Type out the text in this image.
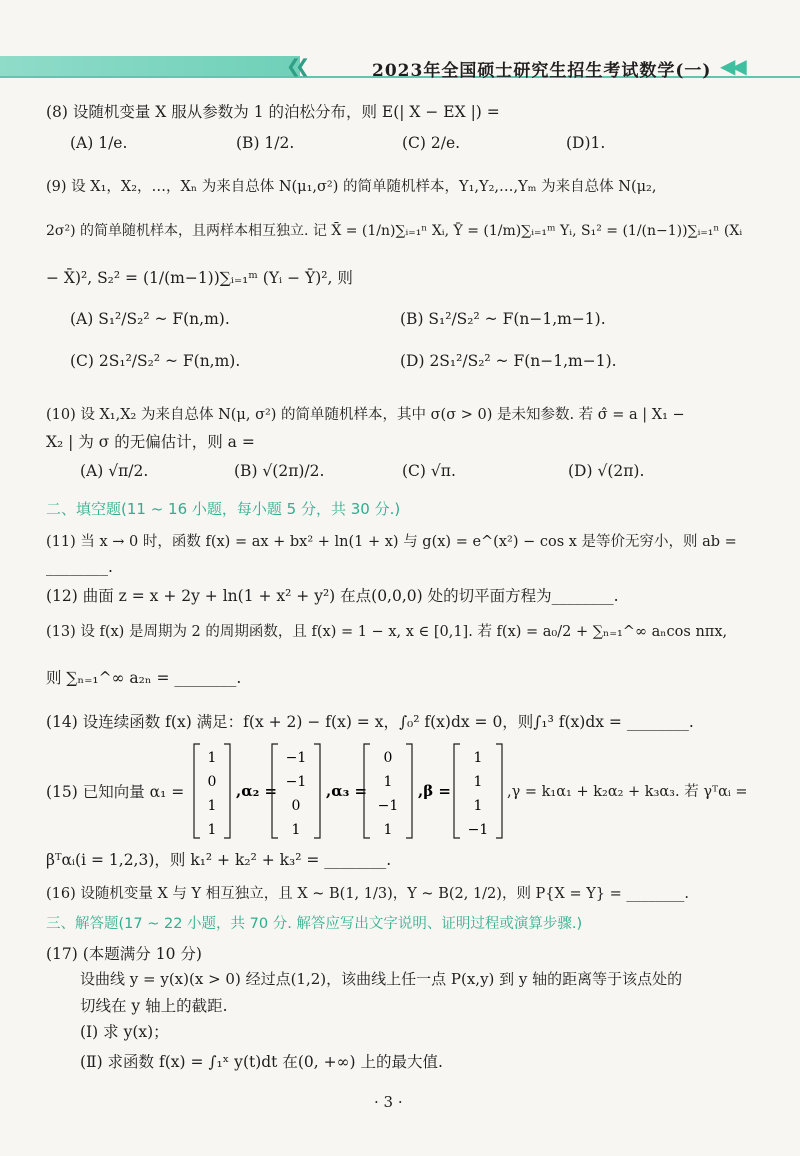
❮❮	2023年全国硕士研究生招生考试数学(一) ◀◀
(8) 设随机变量 X 服从参数为 1 的泊松分布，则 E(| X − EX |) =
(A) 1/e.	(B) 1/2.	(C) 2/e.	(D)1.
(9) 设 X₁，X₂，…，Xₙ 为来自总体 N(μ₁,σ²) 的简单随机样本，Y₁,Y₂,…,Yₘ 为来自总体 N(μ₂,
2σ²) 的简单随机样本，且两样本相互独立. 记 X̄ = (1/n)∑ᵢ₌₁ⁿ Xᵢ, Ȳ = (1/m)∑ᵢ₌₁ᵐ Yᵢ, S₁² = (1/(n−1))∑ᵢ₌₁ⁿ (Xᵢ
− X̄)², S₂² = (1/(m−1))∑ᵢ₌₁ᵐ (Yᵢ − Ȳ)², 则
(A) S₁²/S₂² ~ F(n,m).	(B) S₁²/S₂² ~ F(n−1,m−1).
(C) 2S₁²/S₂² ~ F(n,m).	(D) 2S₁²/S₂² ~ F(n−1,m−1).
(10) 设 X₁,X₂ 为来自总体 N(μ, σ²) 的简单随机样本，其中 σ(σ > 0) 是未知参数. 若 σ̂ = a | X₁ −
X₂ | 为 σ 的无偏估计，则 a =
(A) √π/2.	(B) √(2π)/2.	(C) √π.	(D) √(2π).
二、填空题(11 ~ 16 小题，每小题 5 分，共 30 分.)
(11) 当 x → 0 时，函数 f(x) = ax + bx² + ln(1 + x) 与 g(x) = e^(x²) − cos x 是等价无穷小，则 ab =
________.
(12) 曲面 z = x + 2y + ln(1 + x² + y²) 在点(0,0,0) 处的切平面方程为________.
(13) 设 f(x) 是周期为 2 的周期函数，且 f(x) = 1 − x, x ∈ [0,1]. 若 f(x) = a₀/2 + ∑ₙ₌₁^∞ aₙcos nπx,
则 ∑ₙ₌₁^∞ a₂ₙ = ________.
(14) 设连续函数 f(x) 满足：f(x + 2) − f(x) = x，∫₀² f(x)dx = 0，则∫₁³ f(x)dx = ________.
(15) 已知向量 α₁ =
1
0
1
1
,α₂ =
−1
−1
0
1
,α₃ =
0
1
−1
1
,β =
1
1
1
−1
,γ = k₁α₁ + k₂α₂ + k₃α₃. 若 γᵀαᵢ =
βᵀαᵢ(i = 1,2,3)，则 k₁² + k₂² + k₃² = ________.
(16) 设随机变量 X 与 Y 相互独立，且 X ~ B(1, 1/3)，Y ~ B(2, 1/2)，则 P{X = Y} = ________.
三、解答题(17 ~ 22 小题，共 70 分. 解答应写出文字说明、证明过程或演算步骤.)
(17) (本题满分 10 分)
设曲线 y = y(x)(x > 0) 经过点(1,2)，该曲线上任一点 P(x,y) 到 y 轴的距离等于该点处的
切线在 y 轴上的截距.
(Ⅰ) 求 y(x)；
(Ⅱ) 求函数 f(x) = ∫₁ˣ y(t)dt 在(0, +∞) 上的最大值.
· 3 ·
